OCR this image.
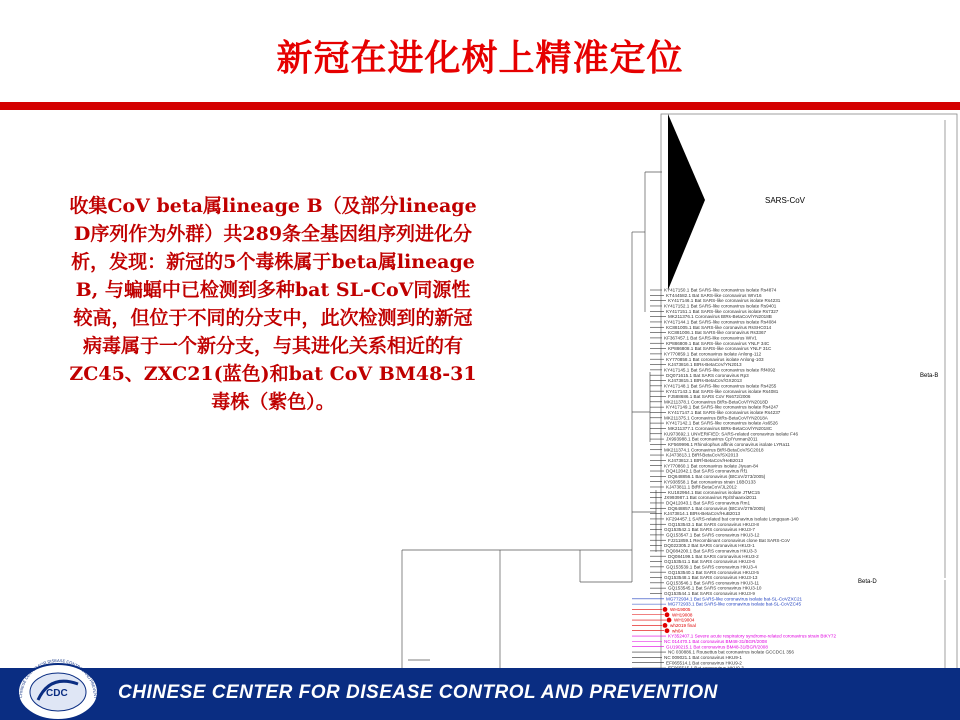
新冠在进化树上精准定位
收集CoV beta属lineage B（及部分lineage D序列作为外群）共289条全基因组序列进化分析，发现：新冠的5个毒株属于beta属lineage B, 与蝙蝠中已检测到多种bat SL-CoV同源性较高，但位于不同的分支中，此次检测到的新冠病毒属于一个新分支，与其进化关系相近的有ZC45、ZXC21(蓝色)和bat CoV BM48-31毒株（紫色）。
SARS-CoV
Beta-B
Beta-D
KY417150.1 Bat SARS-like coronavirus isolate Rs4874
KT444582.1 Bat SARS-like coronavirus WIV16
KY417146.1 Bat SARS-like coronavirus isolate Rs4231
KY417152.1 Bat SARS-like coronavirus isolate Rs9401
KY417151.1 Bat SARS-like coronavirus isolate Rs7327
MK211376.1 Coronavirus BtRs-BetaCoV/YN2018B
KY417144.1 Bat SARS-like coronavirus isolate Rs4084
KC881005.1 Bat SARS-like coronavirus RsSHC014
KC881006.1 Bat SARS-like coronavirus Rs3367
KF367457.1 Bat SARS-like coronavirus WIV1
KP886809.1 Bat SARS-like coronavirus YNLF 34C
KP886808.1 Bat SARS-like coronavirus YNLF 31C
KY770859.1 Bat coronavirus isolate Anlong-112
KY770858.1 Bat coronavirus isolate Anlong-103
KJ473816.1 BtRs-BetaCoV/YN2013
KY417145.1 Bat SARS-like coronavirus isolate Rf4092
DQ071615.1 Bat SARS coronavirus Rp3
KJ473815.1 BtRs-BetaCoV/GX2013
KY417148.1 Bat SARS-like coronavirus isolate Rs4255
KY417143.1 Bat SARS-like coronavirus isolate Rs4081
FJ588686.1 Bat SARS CoV Rs672/2006
MK211378.1 Coronavirus BtRs-BetaCoV/YN2018D
KY417149.1 Bat SARS-like coronavirus isolate Rs4247
KY417147.1 Bat SARS-like coronavirus isolate Rs4237
MK211375.1 Coronavirus BtRs-BetaCoV/YN2018A
KY417142.1 Bat SARS-like coronavirus isolate As6526
MK211377.1 Coronavirus BtRs-BetaCoV/YN2018C
KU973692.1 UNVERIFIED: SARS-related coronavirus isolate F46
JX993988.1 Bat coronavirus Cp/Yunnan2011
KF569996.1 Rhinolophus affinis coronavirus isolate LYRa11
MK211374.1 Coronavirus BtRl-BetaCoV/SC2018
KJ473813.1 BtRf-BetaCoV/SX2013
KJ473812.1 BtRf-BetaCoV/HeB2013
KY770860.1 Bat coronavirus isolate Jiyuan-84
DQ412042.1 Bat SARS coronavirus Rf1
DQ648856.1 Bat coronavirus (BtCoV/273/2005)
KY938558.1 Bat coronavirus strain 16BO133
KJ473811.1 BtRf-BetaCoV/JL2012
KU182964.1 Bat coronavirus isolate JTMC15
JX993987.1 Bat coronavirus Rp/Shaanxi2011
DQ412043.1 Bat SARS coronavirus Rm1
DQ648857.1 Bat coronavirus (BtCoV/279/2005)
KJ473814.1 BtRs-BetaCoV/HuB2013
KF294457.1 SARS-related bat coronavirus isolate Longquan-140
GQ153543.1 Bat SARS coronavirus HKU3-8
GQ153542.1 Bat SARS coronavirus HKU3-7
GQ153547.1 Bat SARS coronavirus HKU3-12
FJ211859.1 Recombinant coronavirus clone Bat SARS-CoV
DQ022305.2 Bat SARS coronavirus HKU3-1
DQ084200.1 Bat SARS coronavirus HKU3-3
DQ084199.1 Bat SARS coronavirus HKU3-2
GQ153541.1 Bat SARS coronavirus HKU3-6
GQ153539.1 Bat SARS coronavirus HKU3-4
GQ153540.1 Bat SARS coronavirus HKU3-5
GQ153548.1 Bat SARS coronavirus HKU3-13
GQ153546.1 Bat SARS coronavirus HKU3-11
GQ153545.1 Bat SARS coronavirus HKU3-10
GQ153544.1 Bat SARS coronavirus HKU3-9
MG772934.1 Bat SARS-like coronavirus isolate bat-SL-CoVZXC21
MG772933.1 Bat SARS-like coronavirus isolate bat-SL-CoVZC45
WH19005
WH19008
WH19004
wh2019 final
wh04
KY352407.1 Severe acute respiratory syndrome-related coronavirus strain BtKY72
NC 014470.1 Bat coronavirus BM48-31/BGR/2008
GU190215.1 Bat coronavirus BM48-31/BGR/2008
NC 030886.1 Rousettus bat coronavirus isolate GCCDC1 356
NC 009021.1 Bat coronavirus HKU9-1
EF065514.1 Bat coronavirus HKU9-2
CHINESE CENTER FOR DISEASE CONTROL AND PREVENTION
CDC
CHINESE CENTER FOR DISEASE CONTROL AND PREVENT
